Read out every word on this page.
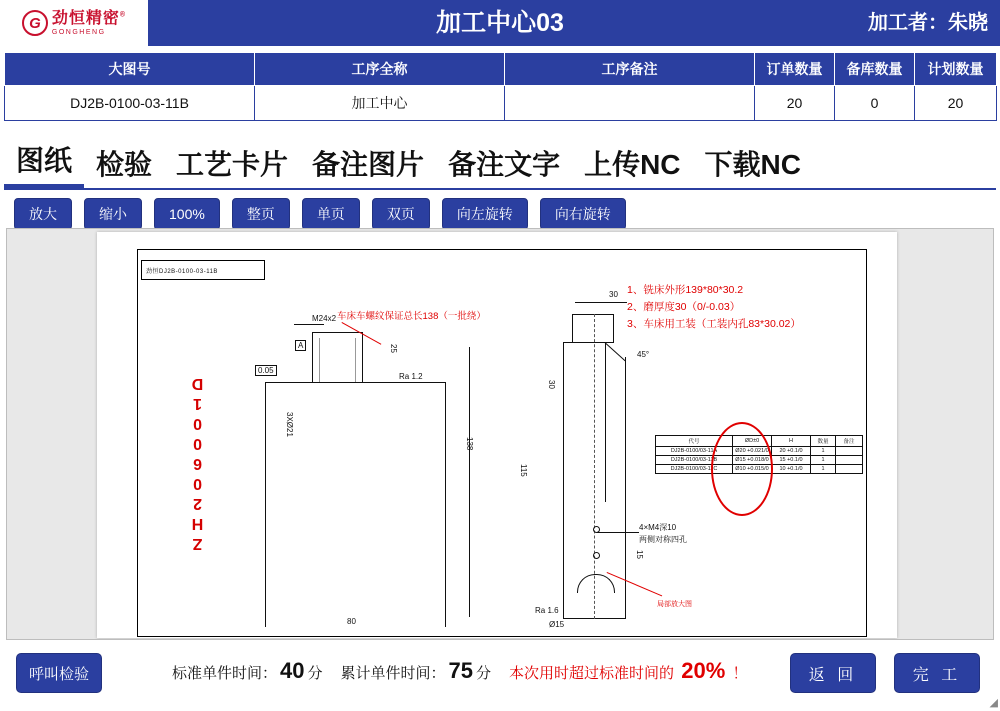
G 劲恒精密®
GONGHENG	加工中心03	加工者：朱晓
大图号	工序全称	工序备注	订单数量	备库数量	计划数量
DJ2B-0100-03-11B	加工中心		20	0	20
图纸 检验 工艺卡片 备注图片 备注文字 上传NC 下载NC
放大	缩小	100%	整页	单页	双页	向左旋转	向右旋转
劲恒DJ2B-0100-03-11B
ZH206001D
1、铣床外形139*80*30.2
2、磨厚度30（0/-0.03）
3、车床用工装（工装内孔83*30.02）
M24x2
A
0.05
3XØ21
Ra 1.2
25
80
车床车螺纹保证总长138（一批绕）
45°
30
115
30
15
4×M4深10
两侧对称四孔
Ra 1.6
Ø15
局部放大图
代号	ØD±0	H	数量	备注
DJ2B-0100/03-11A	Ø20 +0.021/0	20 +0.1/0	1	
DJ2B-0100/03-11B	Ø15 +0.018/0	15 +0.1/0	1	
DJ2B-0100/03-11C	Ø10 +0.015/0	10 +0.1/0	1	
呼叫检验	标准单件时间： 40 分 累计单件时间： 75 分 本次用时超过标准时间的 20% ！	返 回	完 工
◢
